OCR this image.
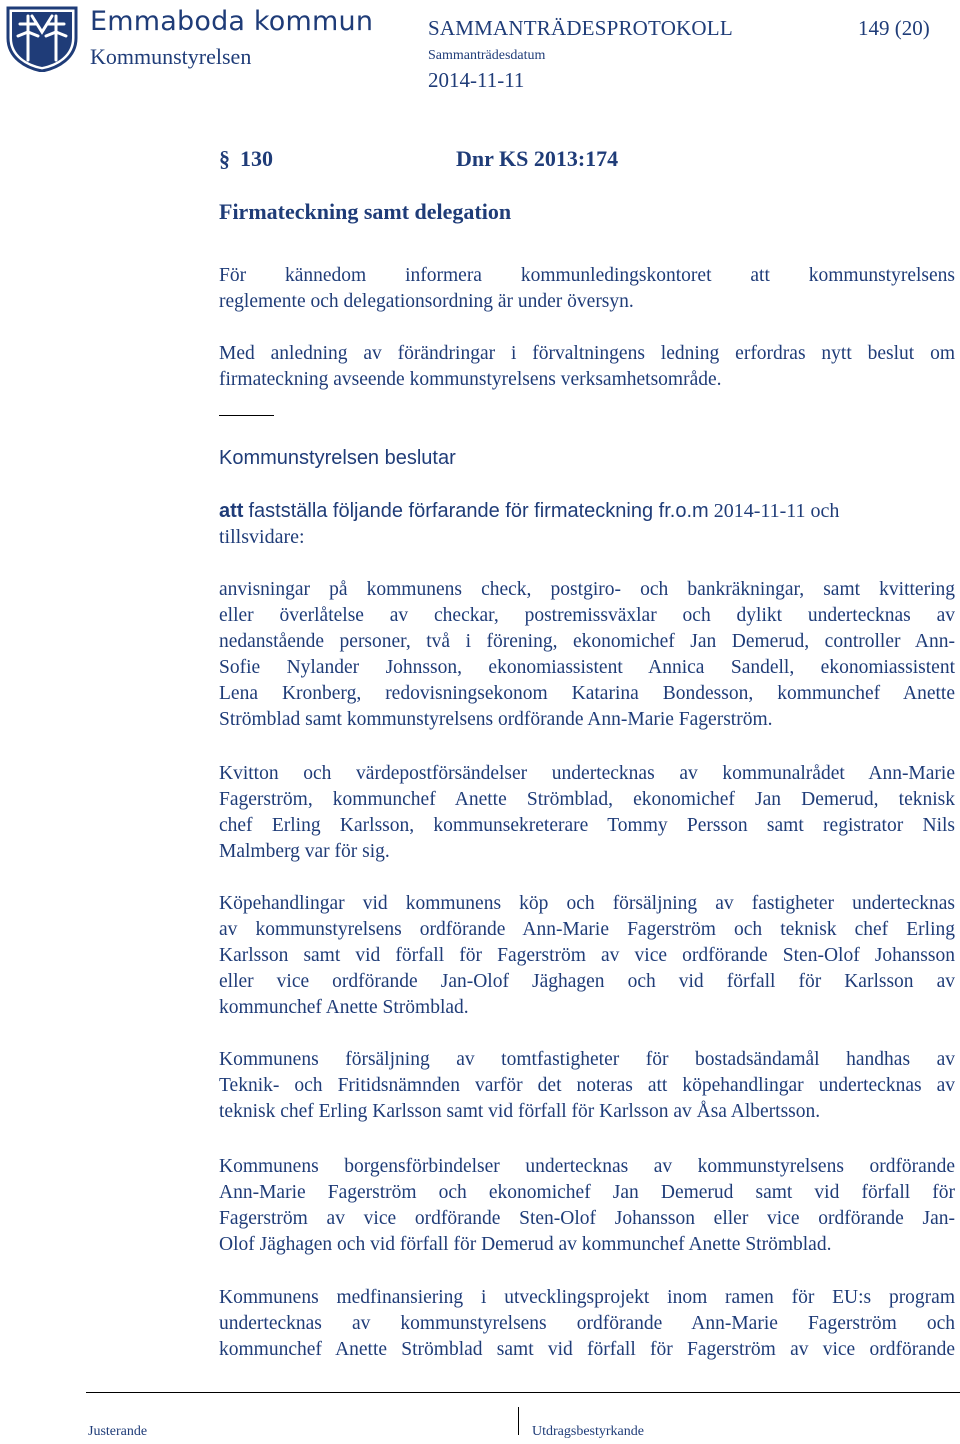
Emmaboda kommun
Kommunstyrelsen
SAMMANTRÄDESPROTOKOLL	149 (20)
Sammanträdesdatum
2014-11-11
§ 130	Dnr KS 2013:174
Firmateckning samt delegation

För kännedom informera kommunledingskontoret att kommunstyrelsens
reglemente och delegationsordning är under översyn.

Med anledning av förändringar i förvaltningens ledning erfordras nytt beslut om
firmateckning avseende kommunstyrelsens verksamhetsområde.

Kommunstyrelsen beslutar
att fastställa följande förfarande för firmateckning fr.o.m 2014-11-11 och
tillsvidare:

anvisningar på kommunens check, postgiro- och bankräkningar, samt kvittering
eller överlåtelse av checkar, postremissväxlar och dylikt undertecknas av
nedanstående personer, två i förening, ekonomichef Jan Demerud, controller Ann-
Sofie Nylander Johnsson, ekonomiassistent Annica Sandell, ekonomiassistent
Lena Kronberg, redovisningsekonom Katarina Bondesson, kommunchef Anette
Strömblad samt kommunstyrelsens ordförande Ann-Marie Fagerström.

Kvitton och värdepostförsändelser undertecknas av kommunalrådet Ann-Marie
Fagerström, kommunchef Anette Strömblad, ekonomichef Jan Demerud, teknisk
chef Erling Karlsson, kommunsekreterare Tommy Persson samt registrator Nils
Malmberg var för sig.

Köpehandlingar vid kommunens köp och försäljning av fastigheter undertecknas
av kommunstyrelsens ordförande Ann-Marie Fagerström och teknisk chef Erling
Karlsson samt vid förfall för Fagerström av vice ordförande Sten-Olof Johansson
eller vice ordförande Jan-Olof Jäghagen och vid förfall för Karlsson av
kommunchef Anette Strömblad.

Kommunens försäljning av tomtfastigheter för bostadsändamål handhas av
Teknik- och Fritidsnämnden varför det noteras att köpehandlingar undertecknas av
teknisk chef Erling Karlsson samt vid förfall för Karlsson av Åsa Albertsson.

Kommunens borgensförbindelser undertecknas av kommunstyrelsens ordförande
Ann-Marie Fagerström och ekonomichef Jan Demerud samt vid förfall för
Fagerström av vice ordförande Sten-Olof Johansson eller vice ordförande Jan-
Olof Jäghagen och vid förfall för Demerud av kommunchef Anette Strömblad.

Kommunens medfinansiering i utvecklingsprojekt inom ramen för EU:s program
undertecknas av kommunstyrelsens ordförande Ann-Marie Fagerström och
kommunchef Anette Strömblad samt vid förfall för Fagerström av vice ordförande

Justerande	Utdragsbestyrkande
